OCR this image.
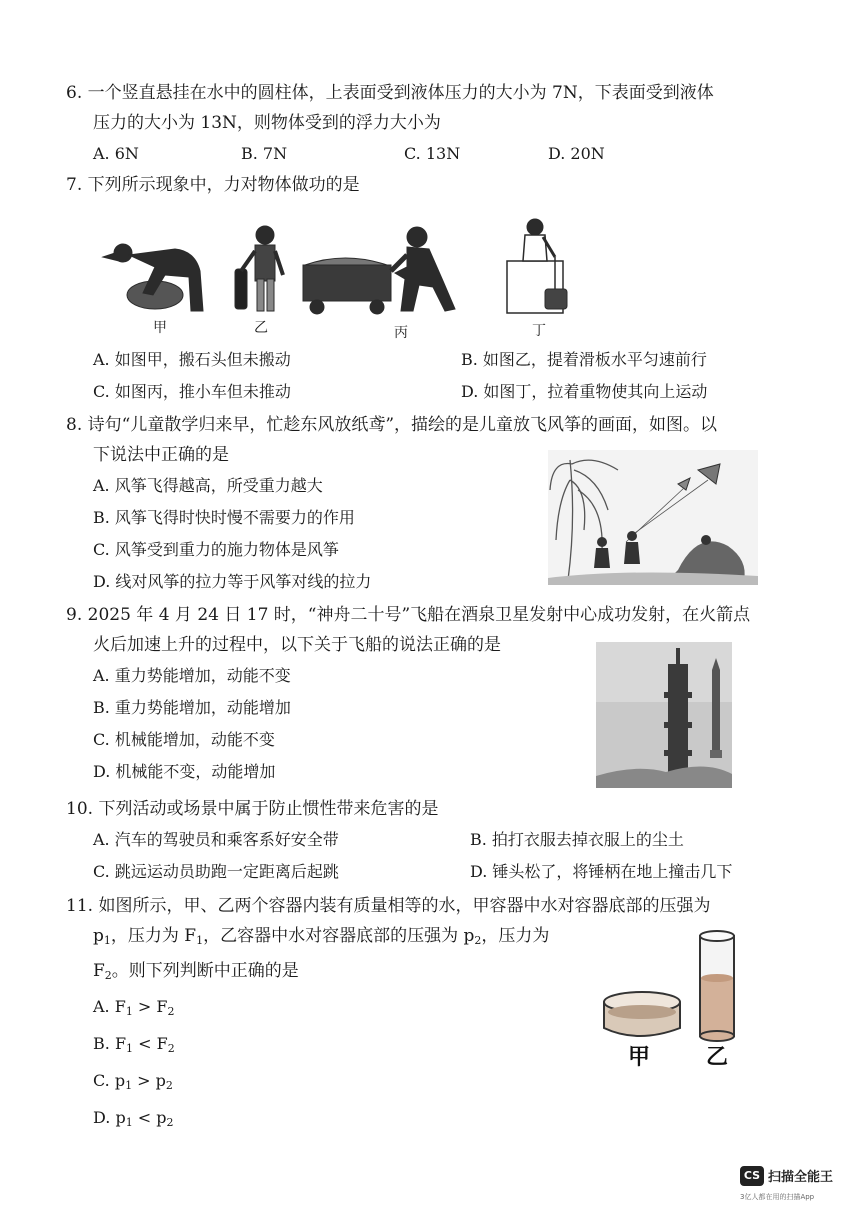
6. 一个竖直悬挂在水中的圆柱体，上表面受到液体压力的大小为 7N，下表面受到液体
压力的大小为 13N，则物体受到的浮力大小为
A. 6N	B. 7N	C. 13N	D. 20N
7. 下列所示现象中，力对物体做功的是
甲	乙	丙	丁
A. 如图甲，搬石头但未搬动	B. 如图乙，提着滑板水平匀速前行
C. 如图丙，推小车但未推动	D. 如图丁，拉着重物使其向上运动
8. 诗句“儿童散学归来早，忙趁东风放纸鸢”，描绘的是儿童放飞风筝的画面，如图。以
下说法中正确的是
A. 风筝飞得越高，所受重力越大
B. 风筝飞得时快时慢不需要力的作用
C. 风筝受到重力的施力物体是风筝
D. 线对风筝的拉力等于风筝对线的拉力
9. 2025 年 4 月 24 日 17 时，“神舟二十号”飞船在酒泉卫星发射中心成功发射，在火箭点
火后加速上升的过程中，以下关于飞船的说法正确的是
A. 重力势能增加，动能不变
B. 重力势能增加，动能增加
C. 机械能增加，动能不变
D. 机械能不变，动能增加
10. 下列活动或场景中属于防止惯性带来危害的是
A. 汽车的驾驶员和乘客系好安全带	B. 拍打衣服去掉衣服上的尘土
C. 跳远运动员助跑一定距离后起跳	D. 锤头松了，将锤柄在地上撞击几下
11. 如图所示，甲、乙两个容器内装有质量相等的水，甲容器中水对容器底部的压强为
$p_1$，压力为 $F_1$，乙容器中水对容器底部的压强为 $p_2$，压力为
$F_2$。则下列判断中正确的是
A. $F_1 > F_2$
B. $F_1 < F_2$
C. $p_1 > p_2$
D. $p_1 < p_2$
甲	乙
CS 扫描全能王
3亿人都在用的扫描App
